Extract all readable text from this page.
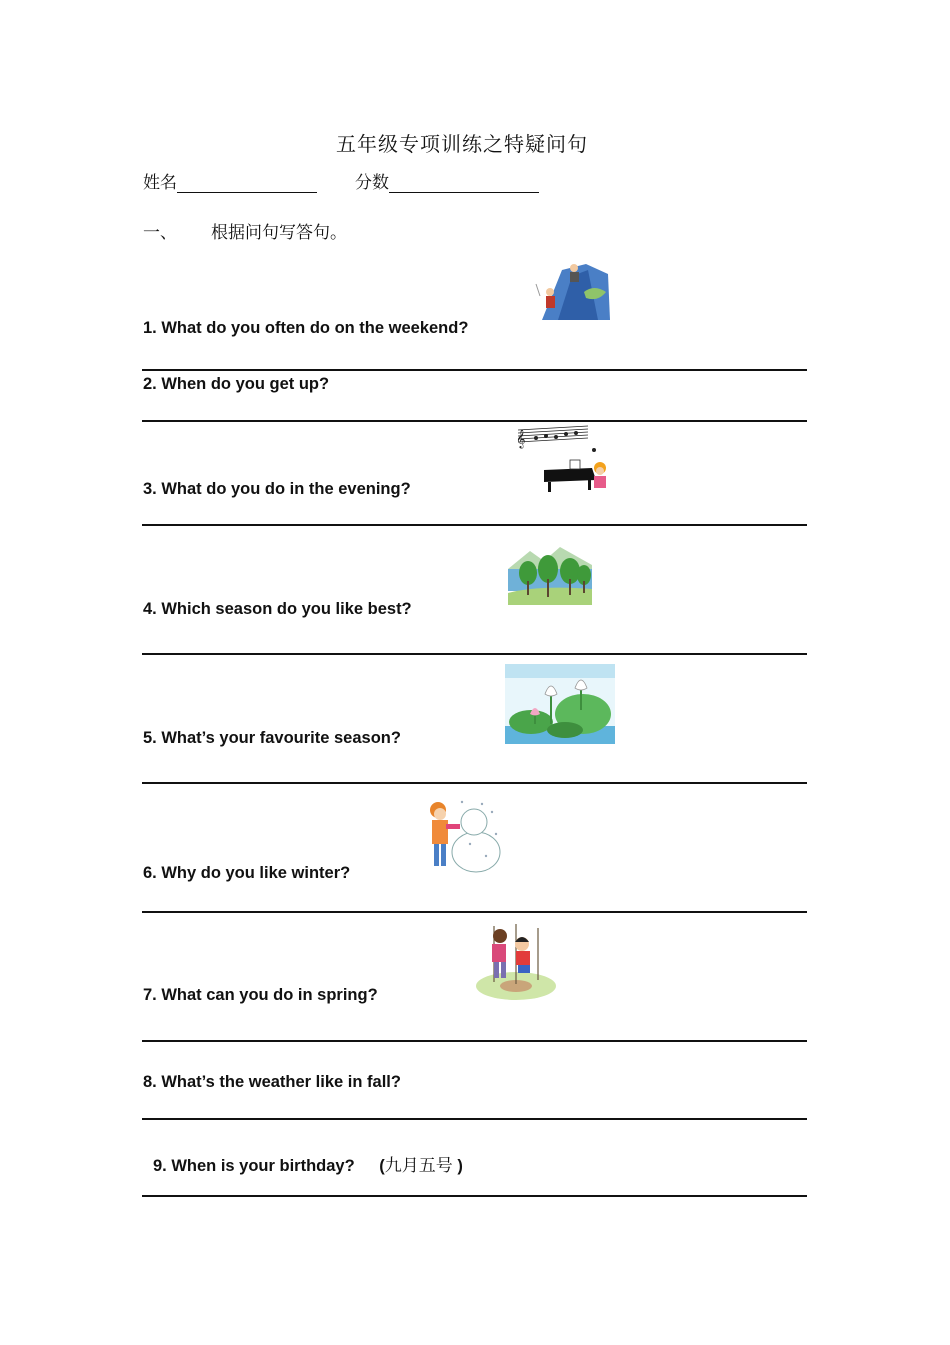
五年级专项训练之特疑问句
姓名	分数
一、 根据问句写答句。
1. What do you often do on the weekend?
2. When do you get up?
𝄞
3. What do you do in the evening?
4. Which season do you like best?
5. What’s your favourite season?
6. Why do you like winter?
7. What can you do in spring?
8. What’s the weather like in fall?
9. When is your birthday? (九月五号 )
